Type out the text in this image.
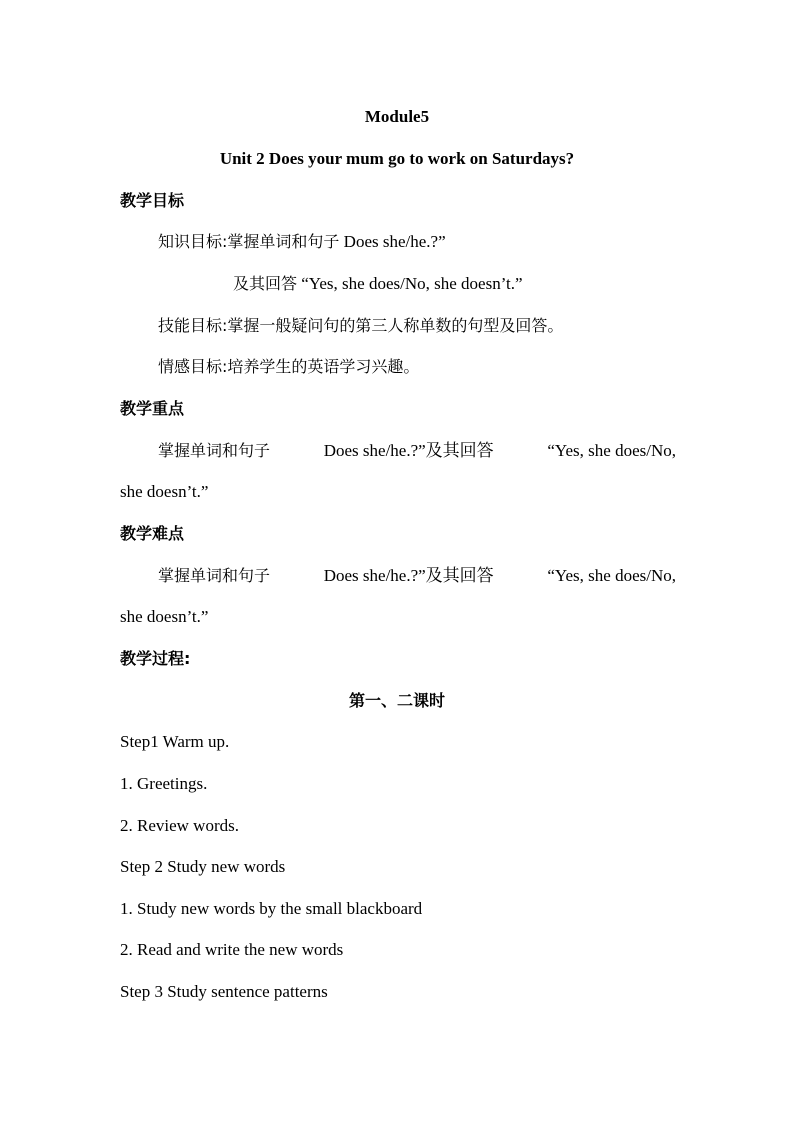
Module5
Unit 2 Does your mum go to work on Saturdays?
教学目标
知识目标:掌握单词和句子 Does she/he.?”
及其回答 “Yes, she does/No, she doesn’t.”
技能目标:掌握一般疑问句的第三人称单数的句型及回答。
情感目标:培养学生的英语学习兴趣。
教学重点
掌握单词和句子	Does she/he.?”及其回答	“Yes, she does/No,
she doesn’t.”
教学难点
掌握单词和句子	Does she/he.?”及其回答	“Yes, she does/No,
she doesn’t.”
教学过程:
第一、二课时
Step1 Warm up.
1. Greetings.
2. Review words.
Step 2 Study new words
1. Study new words by the small blackboard
2. Read and write the new words
Step 3 Study sentence patterns
